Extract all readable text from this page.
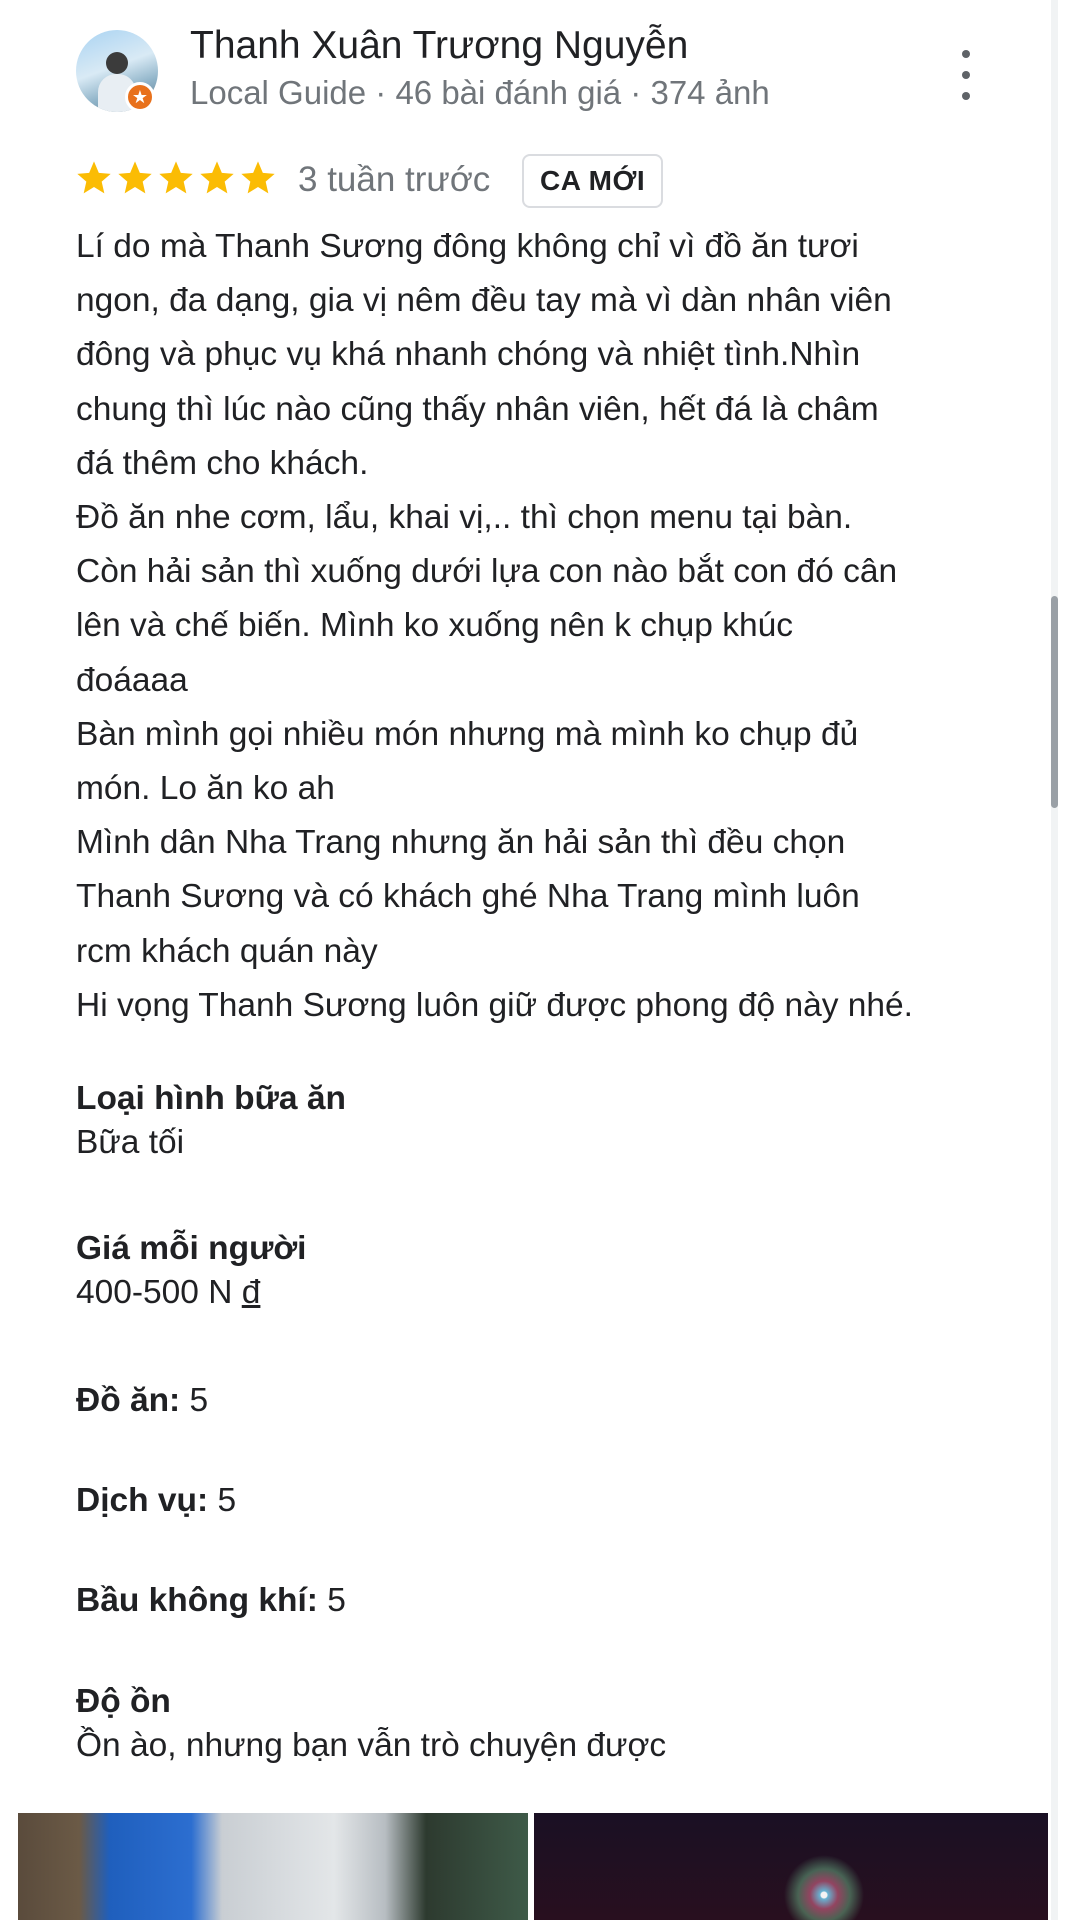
★
Thanh Xuân Trương Nguyễn
Local Guide · 46 bài đánh giá · 374 ảnh
3 tuần trước	CA MỚI
Lí do mà Thanh Sương đông không chỉ vì đồ ăn tươi
ngon, đa dạng, gia vị nêm đều tay mà vì dàn nhân viên
đông và phục vụ khá nhanh chóng và nhiệt tình.Nhìn
chung thì lúc nào cũng thấy nhân viên, hết đá là châm
đá thêm cho khách.
Đồ ăn nhe cơm, lẩu, khai vị,.. thì chọn menu tại bàn.
Còn hải sản thì xuống dưới lựa con nào bắt con đó cân
lên và chế biến. Mình ko xuống nên k chụp khúc
đoáaaa
Bàn mình gọi nhiều món nhưng mà mình ko chụp đủ
món. Lo ăn ko ah
Mình dân Nha Trang nhưng ăn hải sản thì đều chọn
Thanh Sương và có khách ghé Nha Trang mình luôn
rcm khách quán này
Hi vọng Thanh Sương luôn giữ được phong độ này nhé.
Loại hình bữa ăn
Bữa tối
Giá mỗi người
400-500 N đ
Đồ ăn: 5
Dịch vụ: 5
Bầu không khí: 5
Độ ồn
Ồn ào, nhưng bạn vẫn trò chuyện được
